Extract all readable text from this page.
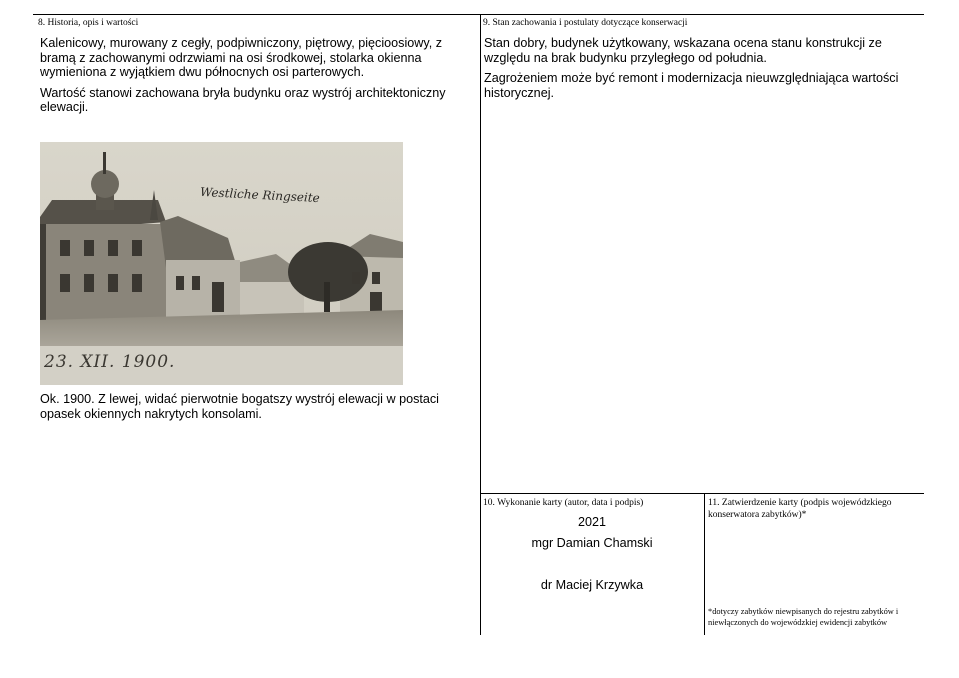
8. Historia, opis i wartości

Kalenicowy, murowany z cegły, podpiwniczony, piętrowy, pięcioosiowy, z bramą z zachowanymi odrzwiami na osi środkowej, stolarka okienna wymieniona z wyjątkiem dwu północnych osi parterowych.

Wartość stanowi zachowana bryła budynku oraz wystrój architektoniczny elewacji.

Westliche Ringseite
23. XII. 1900.
Ok. 1900. Z lewej, widać pierwotnie bogatszy wystrój elewacji w postaci opasek okiennych nakrytych konsolami.
9. Stan zachowania i postulaty dotyczące konserwacji

Stan dobry, budynek użytkowany, wskazana ocena stanu konstrukcji ze względu na brak budynku przyległego od południa.

Zagrożeniem może być remont i modernizacja nieuwzględniająca wartości historycznej.

10. Wykonanie karty (autor, data i podpis)
2021
mgr Damian Chamski
dr Maciej Krzywka
11. Zatwierdzenie karty (podpis wojewódzkiego konserwatora zabytków)*
*dotyczy zabytków niewpisanych do rejestru zabytków i niewłączonych do wojewódzkiej ewidencji zabytków
